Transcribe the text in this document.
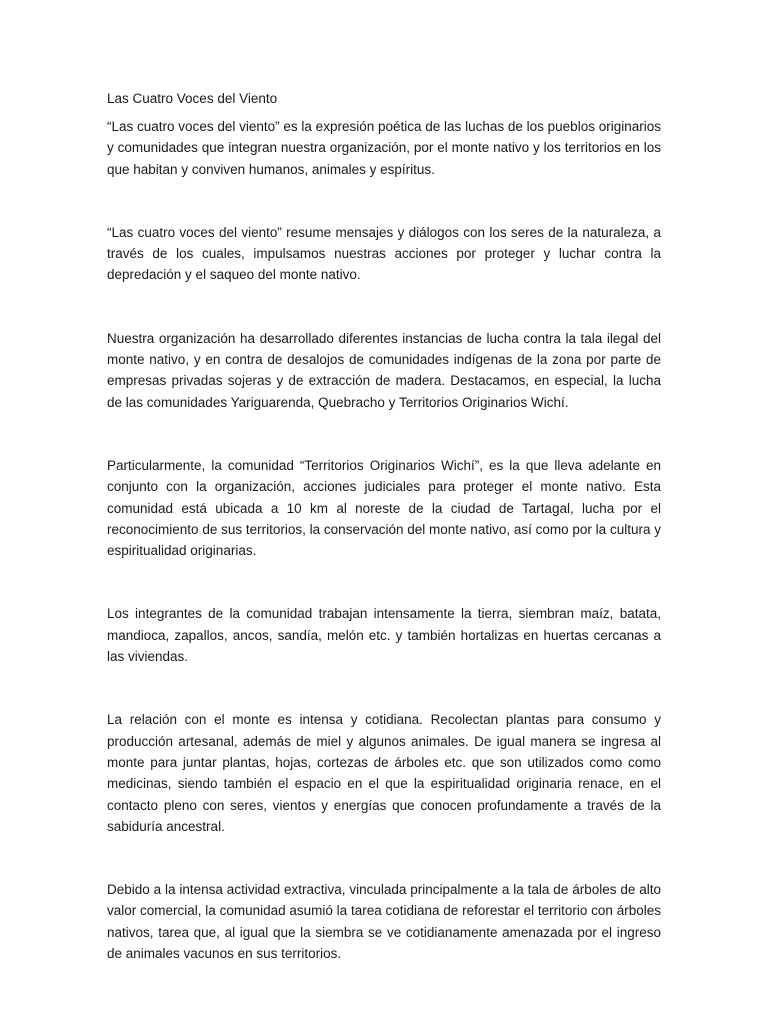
Las Cuatro Voces del Viento

“Las cuatro voces del viento” es la expresión poética de las luchas de los pueblos originarios y comunidades que integran nuestra organización, por el monte nativo y los territorios en los que habitan y conviven humanos, animales y espíritus.

“Las cuatro voces del viento” resume mensajes y diálogos con los seres de la naturaleza, a través de los cuales, impulsamos nuestras acciones por proteger y luchar contra la depredación y el saqueo del monte nativo.

Nuestra organización ha desarrollado diferentes instancias de lucha contra la tala ilegal del monte nativo, y en contra de desalojos de comunidades indígenas de la zona por parte de empresas privadas sojeras y de extracción de madera. Destacamos, en especial, la lucha de las comunidades Yariguarenda, Quebracho y Territorios Originarios Wichí.

Particularmente, la comunidad “Territorios Originarios Wichí”, es la que lleva adelante en conjunto con la organización, acciones judiciales para proteger el monte nativo. Esta comunidad está ubicada a 10 km al noreste de la ciudad de Tartagal, lucha por el reconocimiento de sus territorios, la conservación del monte nativo, así como por la cultura y espiritualidad originarias.

Los integrantes de la comunidad trabajan intensamente la tierra, siembran maíz, batata, mandioca, zapallos, ancos, sandía, melón etc. y también hortalizas en huertas cercanas a las viviendas.

La relación con el monte es intensa y cotidiana. Recolectan plantas para consumo y producción artesanal, además de miel y algunos animales. De igual manera se ingresa al monte para juntar plantas, hojas, cortezas de árboles etc. que son utilizados como como medicinas, siendo también el espacio en el que la espiritualidad originaria renace, en el contacto pleno con seres, vientos y energías que conocen profundamente a través de la sabiduría ancestral.

Debido a la intensa actividad extractiva, vinculada principalmente a la tala de árboles de alto valor comercial, la comunidad asumió la tarea cotidiana de reforestar el territorio con árboles nativos, tarea que, al igual que la siembra se ve cotidianamente amenazada por el ingreso de animales vacunos en sus territorios.
